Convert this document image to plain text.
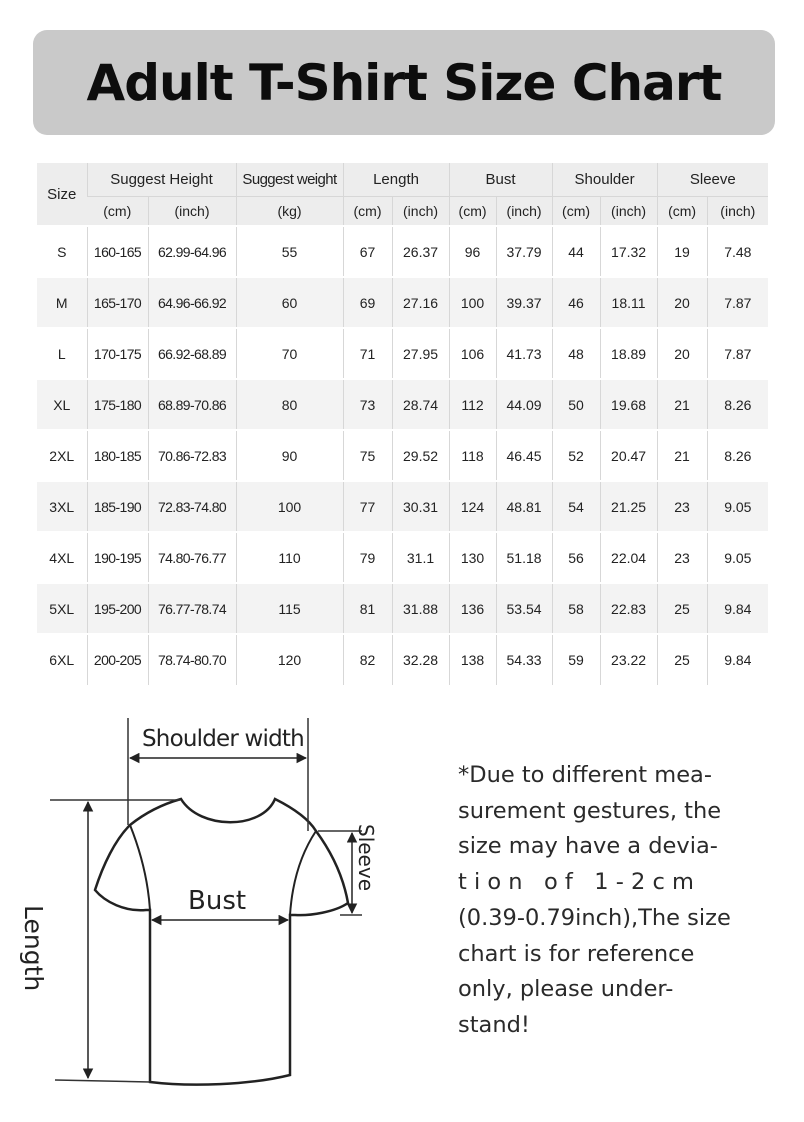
Adult T-Shirt Size Chart
Size	Suggest Height		Suggest weight	Length		Bust		Shoulder		Sleeve	
	(cm)	(inch)	(kg)	(cm)	(inch)	(cm)	(inch)	(cm)	(inch)	(cm)	(inch)
S	160-165	62.99-64.96	55	67	26.37	96	37.79	44	17.32	19	7.48
M	165-170	64.96-66.92	60	69	27.16	100	39.37	46	18.11	20	7.87
L	170-175	66.92-68.89	70	71	27.95	106	41.73	48	18.89	20	7.87
XL	175-180	68.89-70.86	80	73	28.74	112	44.09	50	19.68	21	8.26
2XL	180-185	70.86-72.83	90	75	29.52	118	46.45	52	20.47	21	8.26
3XL	185-190	72.83-74.80	100	77	30.31	124	48.81	54	21.25	23	9.05
4XL	190-195	74.80-76.77	110	79	31.1	130	51.18	56	22.04	23	9.05
5XL	195-200	76.77-78.74	115	81	31.88	136	53.54	58	22.83	25	9.84
6XL	200-205	78.74-80.70	120	82	32.28	138	54.33	59	23.22	25	9.84
Shoulder width
Bust
Sleeve
Length
*Due to different mea-
surement gestures, the
size may have a devia-
t i o n   o f   1 - 2 c m
(0.39-0.79inch),The size
chart is for reference
only, please under-
stand!
